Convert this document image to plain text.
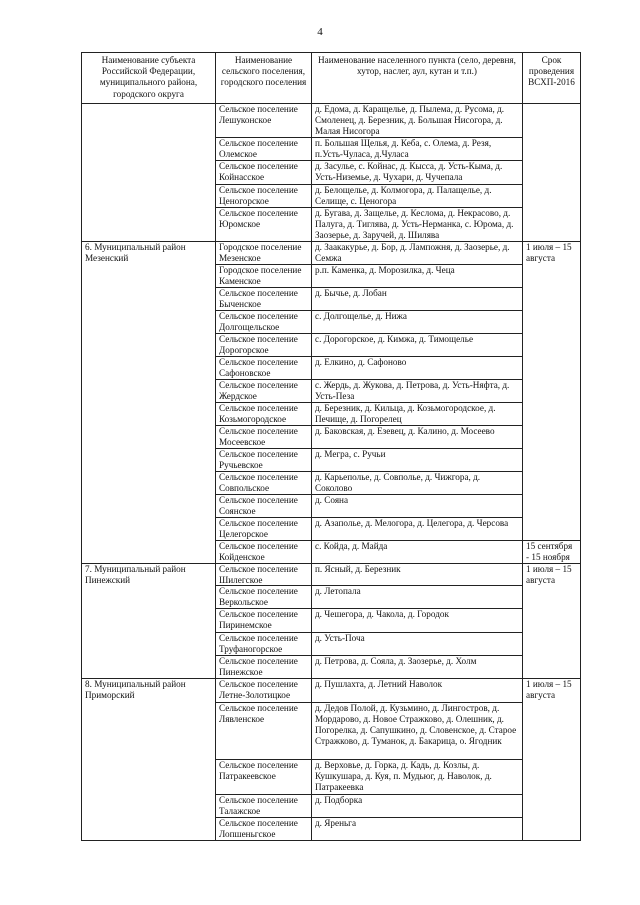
4
Наименование субъекта Российской Федерации, муниципального района, городского округа	Наименование сельского поселения, городского поселения	Наименование населенного пункта (село, деревня, хутор, наслег, аул, кутан и т.п.)	Срок проведения ВСХП-2016
	Сельское поселение Лешуконское	д. Едома, д. Каращелье, д. Пылема, д. Русома, д. Смоленец, д. Березник, д. Большая Нисогора, д. Малая Нисогора	
	Сельское поселение Олемское	п. Большая Щелья, д. Кеба, с. Олема, д. Резя, п.Усть-Чуласа, д.Чуласа	
	Сельское поселение Койнасское	д. Засулье, с. Койнас, д. Кысса, д. Усть-Кыма, д. Усть-Низемье, д. Чухари, д. Чучепала	
	Сельское поселение Ценогорское	д. Белощелье, д. Колмогора, д. Палащелье, д. Селище, с. Ценогора	
	Сельское поселение Юромское	д. Бугава, д. Защелье, д. Кеслома, д. Некрасово, д. Палуга, д. Тиглява, д. Усть-Нерманка, с. Юрома, д. Заозерье, д. Заручей, д. Шилява	
6. Муниципальный район Мезенский	Городское поселение Мезенское	д. Заакакурье, д. Бор, д. Лампожня, д. Заозерье, д. Семжа	1 июля – 15 августа
	Городское поселение Каменское	р.п. Каменка, д. Морозилка, д. Чеца	
	Сельское поселение Быченское	д. Бычье, д. Лобан	
	Сельское поселение Долгощельское	с. Долгощелье, д. Нижа	
	Сельское поселение Дорогорское	с. Дорогорское, д. Кимжа, д. Тимощелье	
	Сельское поселение Сафоновское	д. Елкино, д. Сафоново	
	Сельское поселение Жердское	с. Жердь, д. Жукова, д. Петрова, д. Усть-Няфта, д. Усть-Пеза	
	Сельское поселение Козьмогородское	д. Березник, д. Кильца, д. Козьмогородское, д. Печище, д. Погорелец	
	Сельское поселение Мосеевское	д. Баковская, д. Езевец, д. Калино, д. Мосеево	
	Сельское поселение Ручьевское	д. Мегра, с. Ручьи	
	Сельское поселение Совпольское	д. Карьеполье, д. Совполье, д. Чижгора, д. Соколово	
	Сельское поселение Соянское	д. Сояна	
	Сельское поселение Целегорское	д. Азаполье, д. Мелогора, д. Целегора, д. Черсова	
	Сельское поселение Койденское	с. Койда, д. Майда	15 сентября - 15 ноября
7. Муниципальный район Пинежский	Сельское поселение Шилегское	п. Ясный, д. Березник	1 июля – 15 августа
	Сельское поселение Веркольское	д. Летопала	
	Сельское поселение Пиринемское	д. Чешегора, д. Чакола, д. Городок	
	Сельское поселение Труфаногорское	д. Усть-Поча	
	Сельское поселение Пинежское	д. Петрова, д. Сояла, д. Заозерье, д. Холм	
8. Муниципальный район Приморский	Сельское поселение Летне-Золотицкое	д. Пушлахта, д. Летний Наволок	1 июля – 15 августа
	Сельское поселение Лявленское	д. Дедов Полой, д. Кузьмино, д. Лингостров, д. Мордарово, д. Новое Стражково, д. Олешник, д. Погорелка, д. Сапушкино, д. Словенское, д. Старое Стражково, д. Туманок, д. Бакарица, о. Ягодник	
	Сельское поселение Патракеевское	д. Верховье, д. Горка, д. Кадь, д. Козлы, д. Кушкушара, д. Куя, п. Мудьюг, д. Наволок, д. Патракеевка	
	Сельское поселение Талажское	д. Подборка	
	Сельское поселение Лопшеньгское	д. Яреньга	
